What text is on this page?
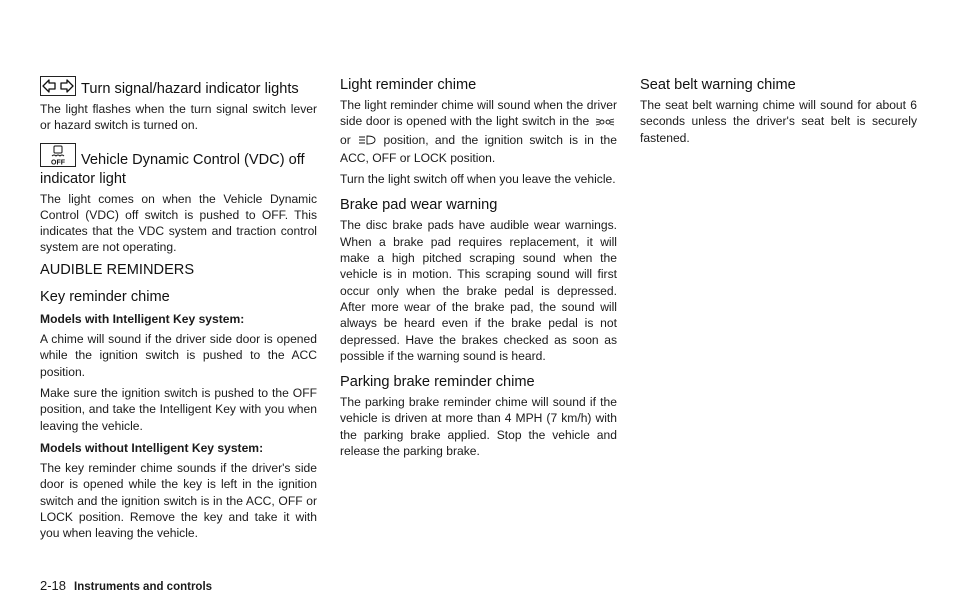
Turn signal/hazard indicator lights

The light flashes when the turn signal switch lever or hazard switch is turned on.

OFF Vehicle Dynamic Control (VDC) off indicator light

The light comes on when the Vehicle Dynamic Control (VDC) off switch is pushed to OFF. This indicates that the VDC system and traction control system are not operating.

AUDIBLE REMINDERS
Key reminder chime
Models with Intelligent Key system:

A chime will sound if the driver side door is opened while the ignition switch is pushed to the ACC position.

Make sure the ignition switch is pushed to the OFF position, and take the Intelligent Key with you when leaving the vehicle.

Models without Intelligent Key system:

The key reminder chime sounds if the driver's side door is opened while the key is left in the ignition switch and the ignition switch is in the ACC, OFF or LOCK position. Remove the key and take it with you when leaving the vehicle.

Light reminder chime

The light reminder chime will sound when the driver side door is opened with the light switch in the  or	position, and the ignition switch is in the ACC, OFF or LOCK position.

Turn the light switch off when you leave the vehicle.

Brake pad wear warning

The disc brake pads have audible wear warnings. When a brake pad requires replacement, it will make a high pitched scraping sound when the vehicle is in motion. This scraping sound will first occur only when the brake pedal is depressed. After more wear of the brake pad, the sound will always be heard even if the brake pedal is not depressed. Have the brakes checked as soon as possible if the warning sound is heard.

Parking brake reminder chime

The parking brake reminder chime will sound if the vehicle is driven at more than 4 MPH (7 km/h) with the parking brake applied. Stop the vehicle and release the parking brake.

Seat belt warning chime

The seat belt warning chime will sound for about 6 seconds unless the driver's seat belt is securely fastened.

2-18 Instruments and controls
